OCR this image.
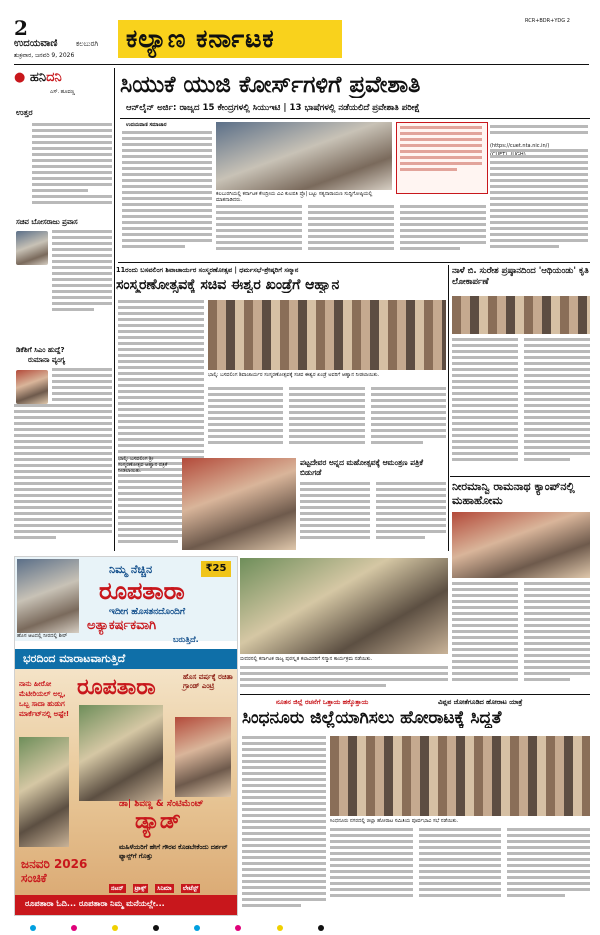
2
ಉದಯವಾಣಿ	ಕಲಬುರಗಿ
ಶುಕ್ರವಾರ, ಜನವರಿ 9, 2026
ಕಲ್ಯಾಣ ಕರ್ನಾಟಕ
RCR+BDR+YDG 2
● ಹನಿದನಿ
ಎಸ್. ಹೂವಣ್ಣ
ಉತ್ತರ
ಸಚಿವ ಬೋಸರಾಜು ಪ್ರವಾಸ
ಡಿಕೆಶಿಗೆ ಸಿಎಂ ಹುದ್ದೆ?
ರುಮಾನಾ ವ್ಯಂಗ್ಯ
ಸಿಯುಕೆ ಯುಜಿ ಕೋರ್ಸ್‌ಗಳಿಗೆ ಪ್ರವೇಶಾತಿ
ಆನ್‌ಲೈನ್ ಅರ್ಜಿ: ರಾಜ್ಯದ 15 ಕೇಂದ್ರಗಳಲ್ಲಿ ಸಿಯುಇಟಿ | 13 ಭಾಷೆಗಳಲ್ಲಿ ನಡೆಯಲಿದೆ ಪ್ರವೇಶಾತಿ ಪರೀಕ್ಷೆ
ಉದಯವಾಣಿ ಸಮಾಚಾರ
ಕಲಬುರಗಿಯಲ್ಲಿ ಕರ್ನಾಟಕ ಕೇಂದ್ರೀಯ ವಿವಿ ಕುಲಪತಿ ಪ್ರೊ| ಬಟ್ಟು ಸತ್ಯನಾರಾಯಣ ಸುದ್ದಿಗೋಷ್ಠಿಯಲ್ಲಿ ಮಾತನಾಡಿದರು.
(https://cuet.nta.nic.in/)
11ರಂದು ಬಸವಲಿಂಗ ಶಿವಾಚಾರ್ಯರ ಸಂಸ್ಮರಣೋತ್ಸವ | ಧರ್ಮಸಭೆ-ಶ್ರೇಷ್ಠರಿಗೆ ಸನ್ಮಾನ
ಸಂಸ್ಮರಣೋತ್ಸವಕ್ಕೆ ಸಚಿವ ಈಶ್ವರ ಖಂಡ್ರೆಗೆ ಆಹ್ವಾನ
ಭಾಲ್ಕಿ: ಬಸವಲಿಂಗ ಶಿವಾಚಾರ್ಯರ ಸಂಸ್ಮರಣೋತ್ಸವಕ್ಕೆ ಸಚಿವ ಈಶ್ವರ ಖಂಡ್ರೆ ಅವರಿಗೆ ಆಹ್ವಾನ ನೀಡಲಾಯಿತು.
ಭಾಲ್ಕಿ: ಬಸವಲಿಂಗ ಶ್ರೀ ಸಂಸ್ಮರಣೋತ್ಸವ ಆಹ್ವಾನ ಪತ್ರಿಕೆ ನೀಡಲಾಯಿತು.
ಪಟ್ಟದೇವರ ಅನ್ನದ ಮಹೋತ್ಸವಕ್ಕೆ ಆಮಂತ್ರಣ ಪತ್ರಿಕೆ ಬಿಡುಗಡೆ
ನಾಳೆ ಬಿ. ಸುರೇಶ ಪ್ರಷ್ಠಾನದಿಂದ 'ಆಥಿಯಂಡು' ಕೃತಿ ಲೋಕಾರ್ಪಣೆ
ನೀರಮಾನ್ವಿ ರಾಮನಾಥ ಕ್ಯಾಂಪ್‌ನಲ್ಲಿ ಮಹಾಹೋಮ
ಹೊಸ ಆಟದಲ್ಲಿ ನೀರದಲ್ಲಿ ಶೀರ್
ನಿಮ್ಮ ನೆಚ್ಚಿನ	₹25
ರೂಪತಾರಾ
ಇದೀಗ ಹೊಸತನದೊಂದಿಗೆ
ಅತ್ಯಾಕರ್ಷಕವಾಗಿ
ಬರುತ್ತಿದೆ.
ಭರದಿಂದ ಮಾರಾಟವಾಗುತ್ತಿದೆ
ನಾನು ಹೀರೋ ಮೆಟೀರಿಯಲ್ ಅಲ್ಲ, ಒಬ್ಬ ಸಾದಾ ಹುಡುಗ ಮಾರ್ಕೆಟ್‌ನಲ್ಲಿ ಅಷ್ಟೇ!
ರೂಪತಾರಾ	ಹೊಸ ವರ್ಷಕ್ಕೆ ರಚಿತಾ ಗ್ರಾಂಡ್ ಎಂಟ್ರಿ
ಡಾ| ಶಿವಣ್ಣ & ಸೆಂಟಿಮೆಂಟ್
ಡ್ಯಾಡ್
ಮಹಿಳೆಯರಿಗೆ ಹೇಗೆ ಗೌರವ ಕೊಡಬೇಕೆಂದು ದರ್ಶನ್ ಫ್ಯಾನ್ಸ್‌ಗೆ ಗೊತ್ತು
ಜನವರಿ 2026 ಸಂಚಿಕೆ
ನಟನ್ ಟ್ರಾಕ್ಸ್ ಸಿನಿಮಾ ಲೇಟೆಸ್ಟ್
ರೂಪತಾರಾ ಓದಿ... ರೂಪತಾರಾ ನಿಮ್ಮ ಮನೆಯಲ್ಲೇ...
ಬೀದರನಲ್ಲಿ ಕರ್ನಾಟಕ ರಾಜ್ಯ ಪುರಸ್ಕೃತ ಕಲಾವಿದರಿಗೆ ಸನ್ಮಾನ ಕಾರ್ಯಕ್ರಮ ನಡೆಯಿತು.
ನೂತನ ಜಿಲ್ಲೆ ರಚನೆಗೆ ಒತ್ತಾಯ ಹಕ್ಕೊತ್ತಾಯ	ವಿಪ್ಲವ ಜೋತೆಗೂಡಿದ ಹೋರಾಟ ಯಾತ್ರೆ
ಸಿಂಧನೂರು ಜಿಲ್ಲೆಯಾಗಿಸಲು ಹೋರಾಟಕ್ಕೆ ಸಿದ್ಧತೆ
ಸಿಂಧನೂರು ನಗರದಲ್ಲಿ ಜಿಲ್ಲಾ ಹೋರಾಟ ಸಮಿತಿಯ ಪೂರ್ವಭಾವಿ ಸಭೆ ನಡೆಯಿತು.
